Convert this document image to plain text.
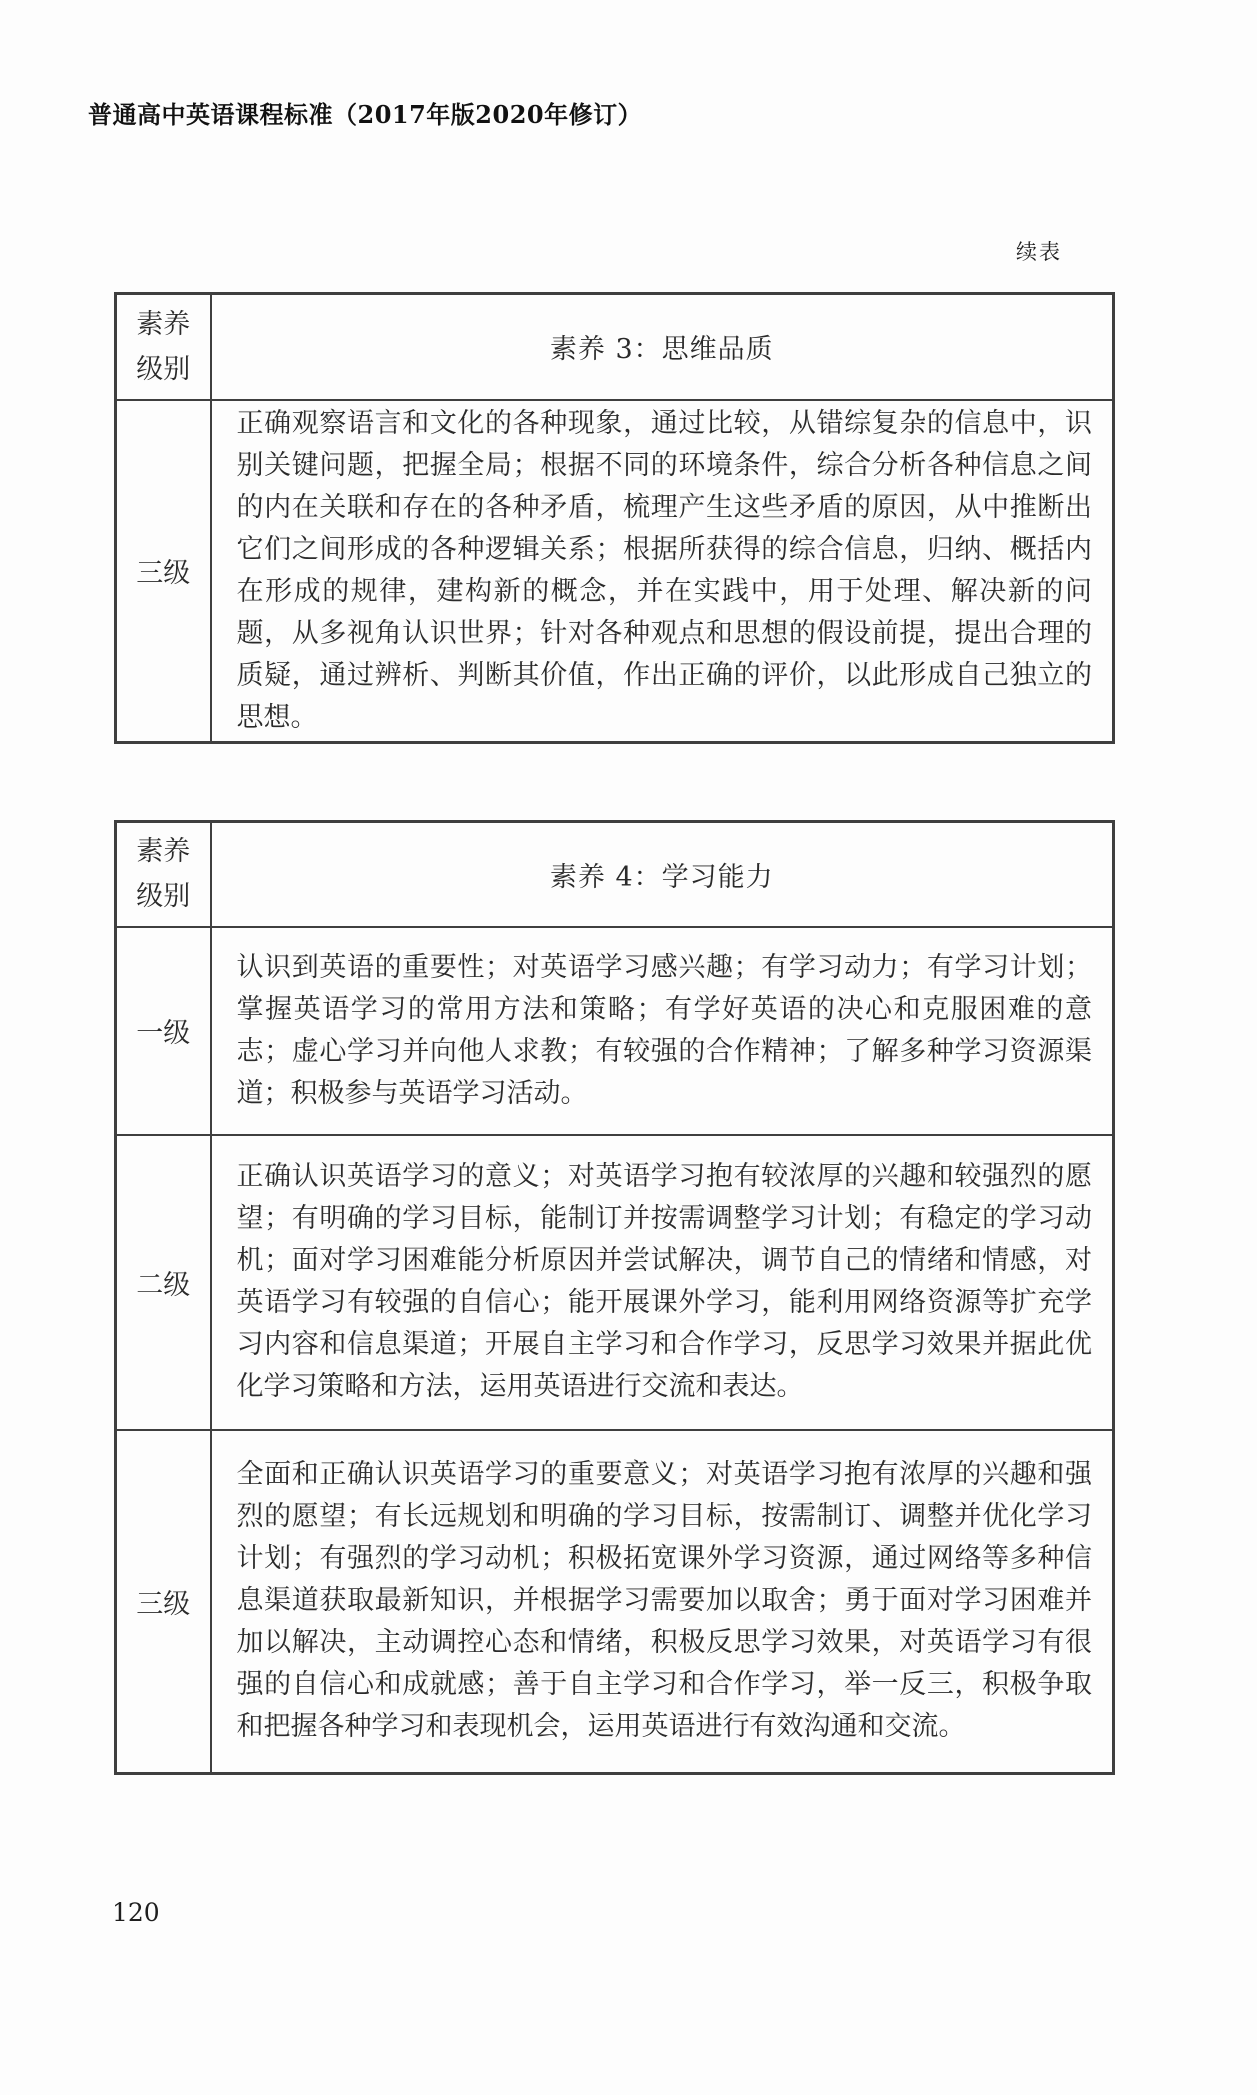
普通高中英语课程标准（2017年版2020年修订）
续表
素养
级别	素养 3：思维品质
三级	正确观察语言和文化的各种现象，通过比较，从错综复杂的信息中，识别关键问题，把握全局；根据不同的环境条件，综合分析各种信息之间的内在关联和存在的各种矛盾，梳理产生这些矛盾的原因，从中推断出它们之间形成的各种逻辑关系；根据所获得的综合信息，归纳、概括内在形成的规律，建构新的概念，并在实践中，用于处理、解决新的问题，从多视角认识世界；针对各种观点和思想的假设前提，提出合理的质疑，通过辨析、判断其价值，作出正确的评价，以此形成自己独立的思想。
素养
级别	素养 4：学习能力
一级	认识到英语的重要性；对英语学习感兴趣；有学习动力；有学习计划；掌握英语学习的常用方法和策略；有学好英语的决心和克服困难的意志；虚心学习并向他人求教；有较强的合作精神；了解多种学习资源渠道；积极参与英语学习活动。
二级	正确认识英语学习的意义；对英语学习抱有较浓厚的兴趣和较强烈的愿望；有明确的学习目标，能制订并按需调整学习计划；有稳定的学习动机；面对学习困难能分析原因并尝试解决，调节自己的情绪和情感，对英语学习有较强的自信心；能开展课外学习，能利用网络资源等扩充学习内容和信息渠道；开展自主学习和合作学习，反思学习效果并据此优化学习策略和方法，运用英语进行交流和表达。
三级	全面和正确认识英语学习的重要意义；对英语学习抱有浓厚的兴趣和强烈的愿望；有长远规划和明确的学习目标，按需制订、调整并优化学习计划；有强烈的学习动机；积极拓宽课外学习资源，通过网络等多种信息渠道获取最新知识，并根据学习需要加以取舍；勇于面对学习困难并加以解决，主动调控心态和情绪，积极反思学习效果，对英语学习有很强的自信心和成就感；善于自主学习和合作学习，举一反三，积极争取和把握各种学习和表现机会，运用英语进行有效沟通和交流。
120
